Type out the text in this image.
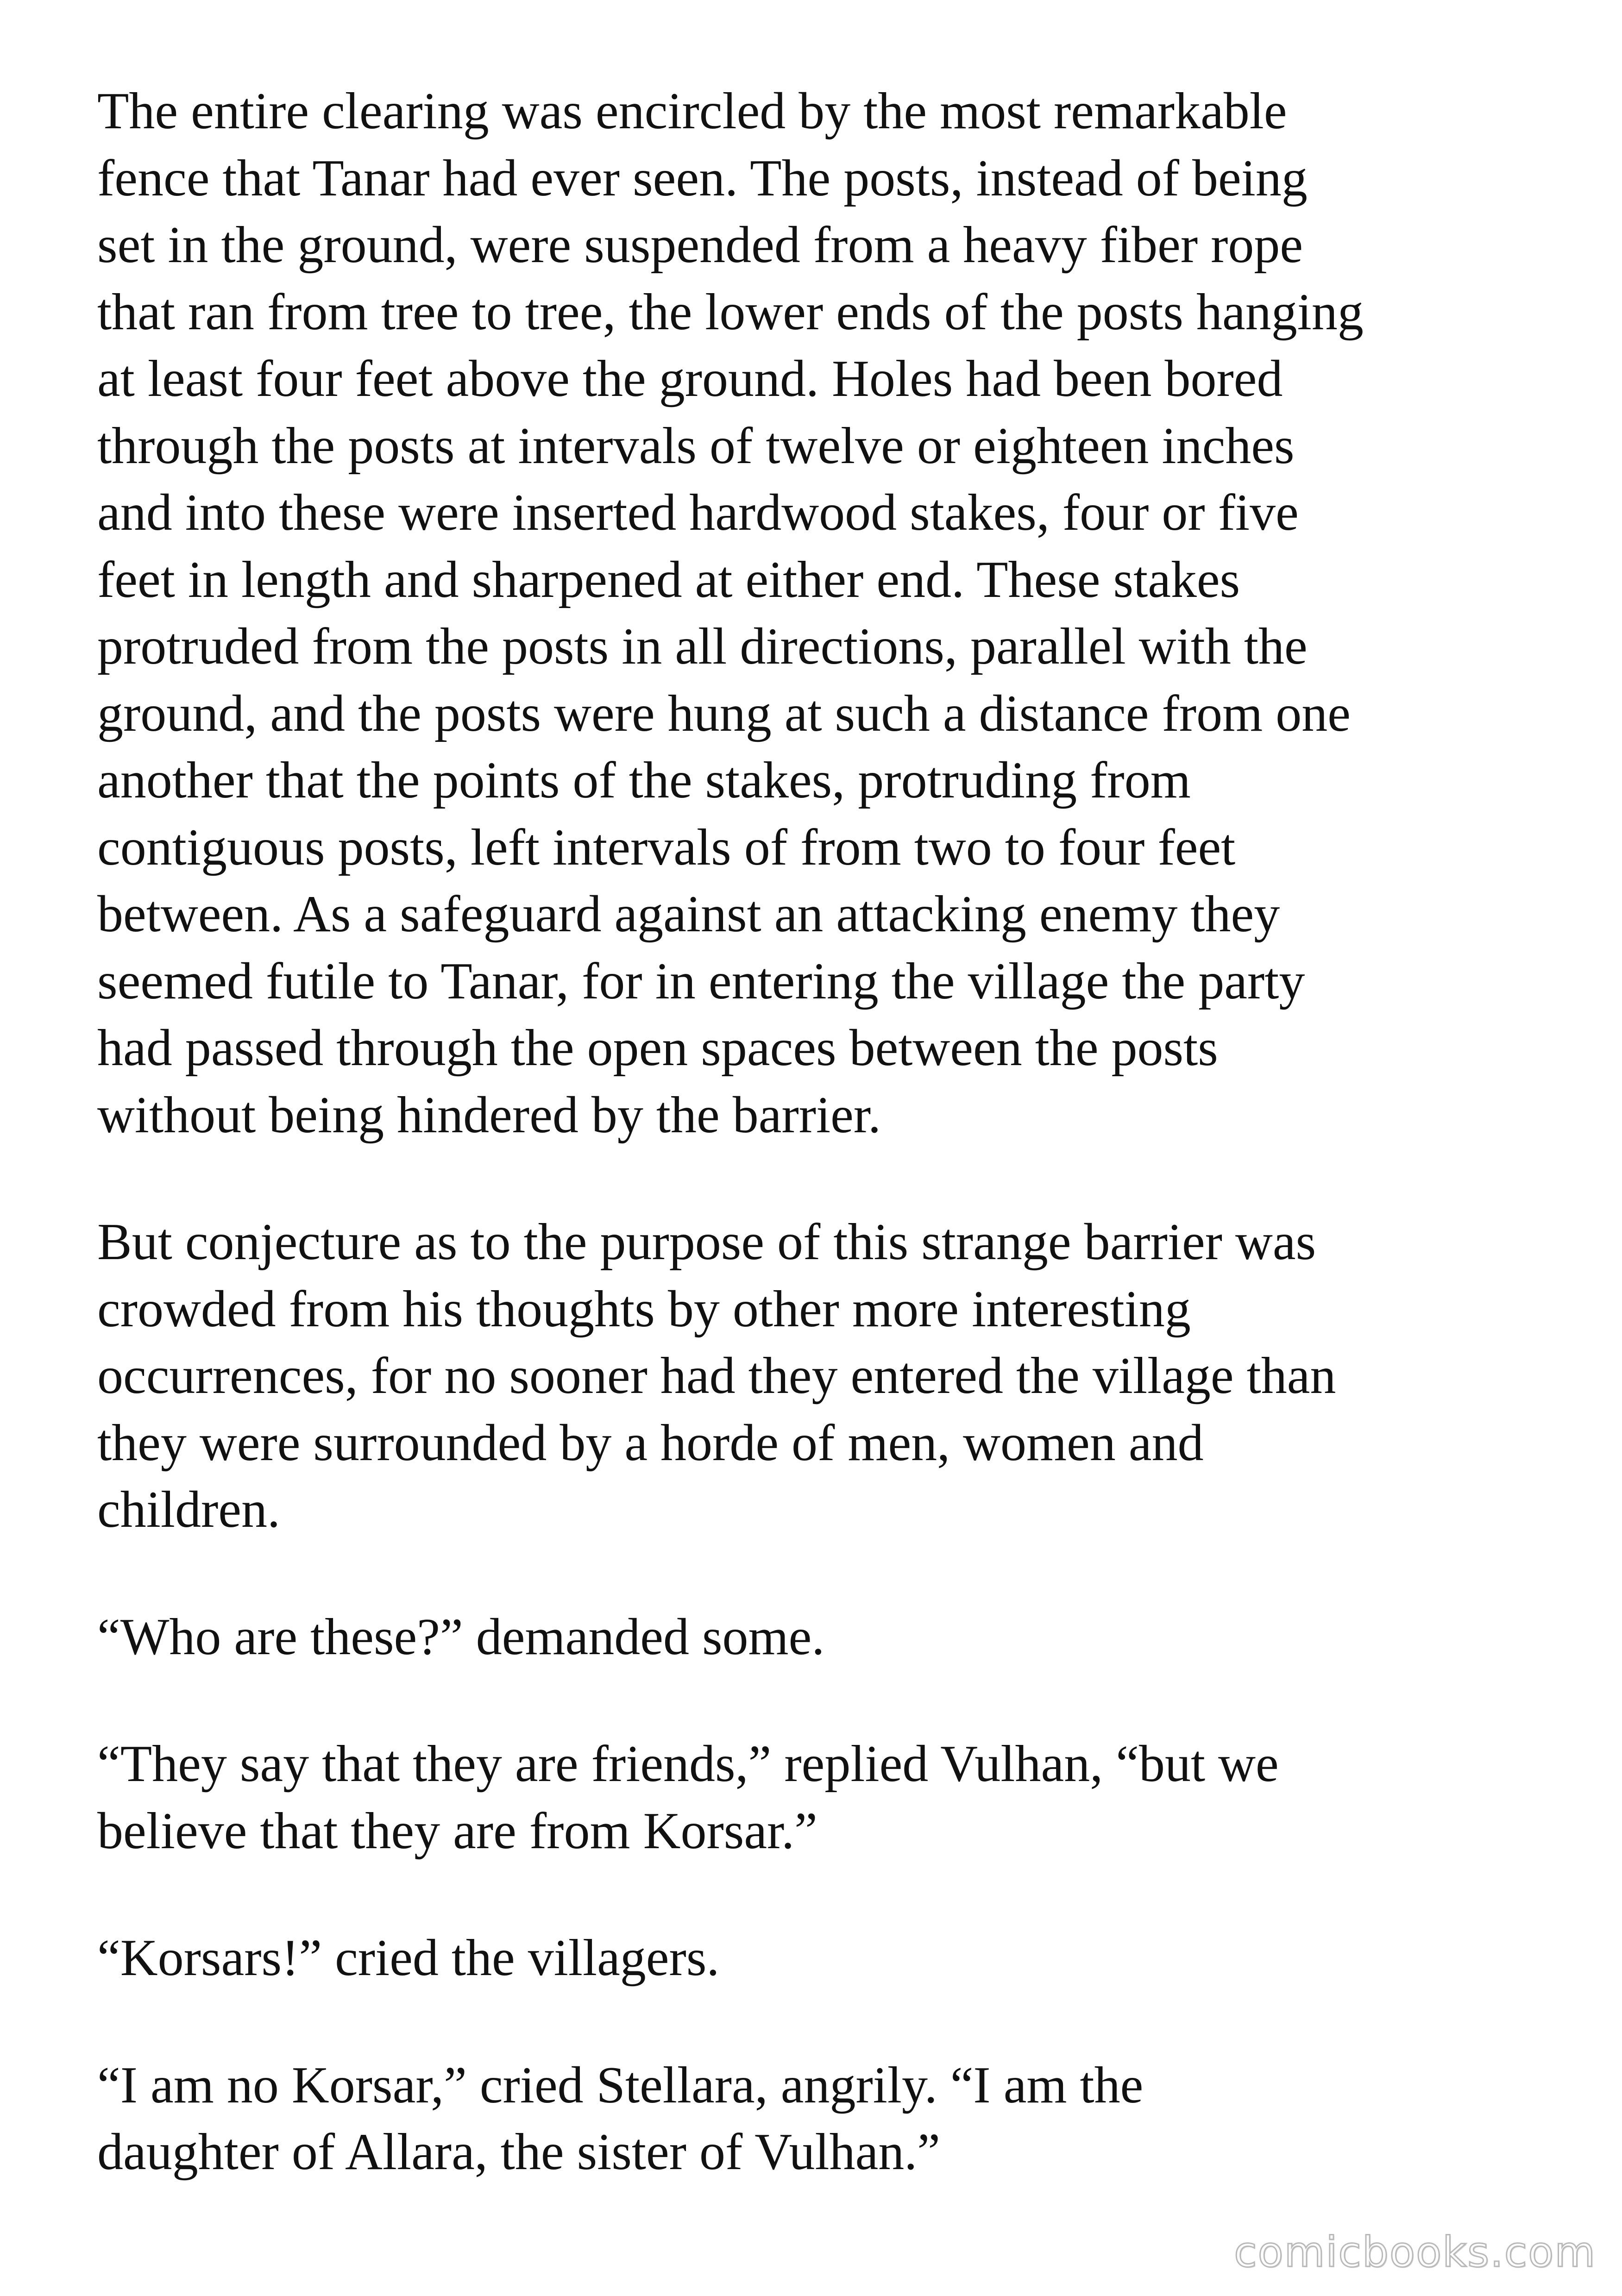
The entire clearing was encircled by the most remarkable
fence that Tanar had ever seen. The posts, instead of being
set in the ground, were suspended from a heavy fiber rope
that ran from tree to tree, the lower ends of the posts hanging
at least four feet above the ground. Holes had been bored
through the posts at intervals of twelve or eighteen inches
and into these were inserted hardwood stakes, four or five
feet in length and sharpened at either end. These stakes
protruded from the posts in all directions, parallel with the
ground, and the posts were hung at such a distance from one
another that the points of the stakes, protruding from
contiguous posts, left intervals of from two to four feet
between. As a safeguard against an attacking enemy they
seemed futile to Tanar, for in entering the village the party
had passed through the open spaces between the posts
without being hindered by the barrier.

But conjecture as to the purpose of this strange barrier was
crowded from his thoughts by other more interesting
occurrences, for no sooner had they entered the village than
they were surrounded by a horde of men, women and
children.

“Who are these?” demanded some.

“They say that they are friends,” replied Vulhan, “but we
believe that they are from Korsar.”

“Korsars!” cried the villagers.

“I am no Korsar,” cried Stellara, angrily. “I am the
daughter of Allara, the sister of Vulhan.”

comicbooks.com
